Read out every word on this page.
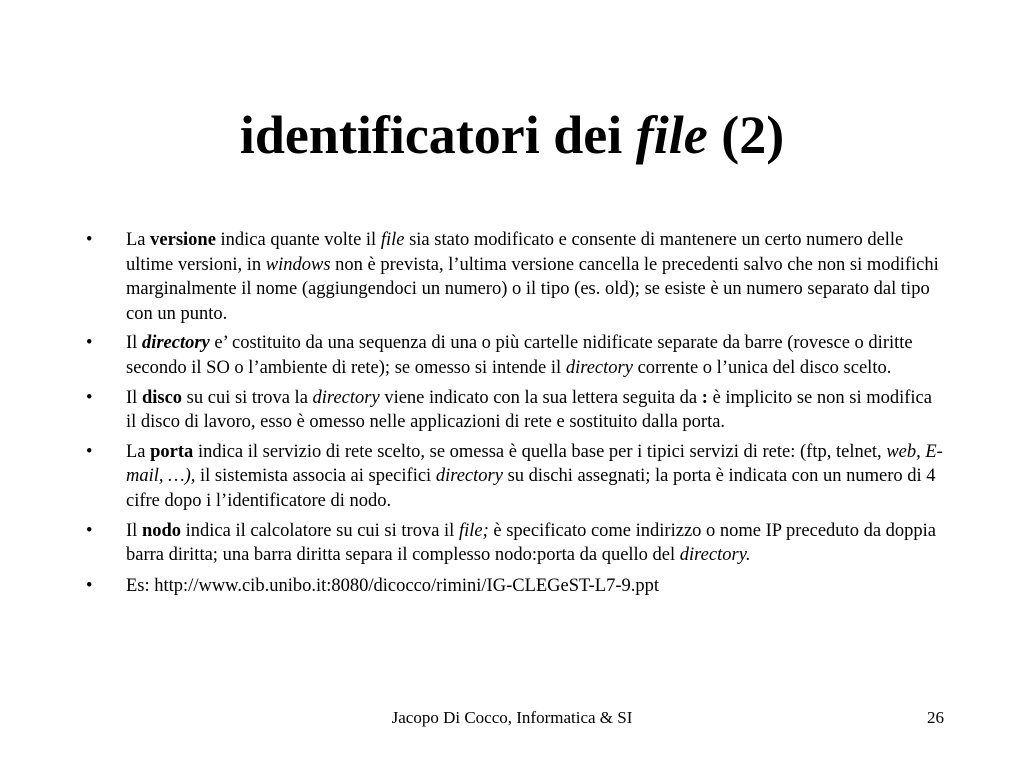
identificatori dei file (2)
• La versione indica quante volte il file sia stato modificato e consente di mantenere un certo numero delle ultime versioni, in windows non è prevista, l’ultima versione cancella le precedenti salvo che non si modifichi marginalmente il nome (aggiungendoci un numero) o il tipo (es. old); se esiste è un numero separato dal tipo con un punto.
• Il directory e’ costituito da una sequenza di una o più cartelle nidificate separate da barre (rovesce o diritte secondo il SO o l’ambiente di rete); se omesso si intende il directory corrente o l’unica del disco scelto.
• Il disco su cui si trova la directory viene indicato con la sua lettera seguita da : è implicito se non si modifica il disco di lavoro, esso è omesso nelle applicazioni di rete e sostituito dalla porta.
• La porta indica il servizio di rete scelto, se omessa è quella base per i tipici servizi di rete: (ftp, telnet, web, E-mail, …), il sistemista associa ai specifici directory su dischi assegnati; la porta è indicata con un numero di 4 cifre dopo i l’identificatore di nodo.
• Il nodo indica il calcolatore su cui si trova il file; è specificato come indirizzo o nome IP preceduto da doppia barra diritta; una barra diritta separa il complesso nodo:porta da quello del directory.
• Es: http://www.cib.unibo.it:8080/dicocco/rimini/IG-CLEGeST-L7-9.ppt
Jacopo Di Cocco, Informatica & SI	26
